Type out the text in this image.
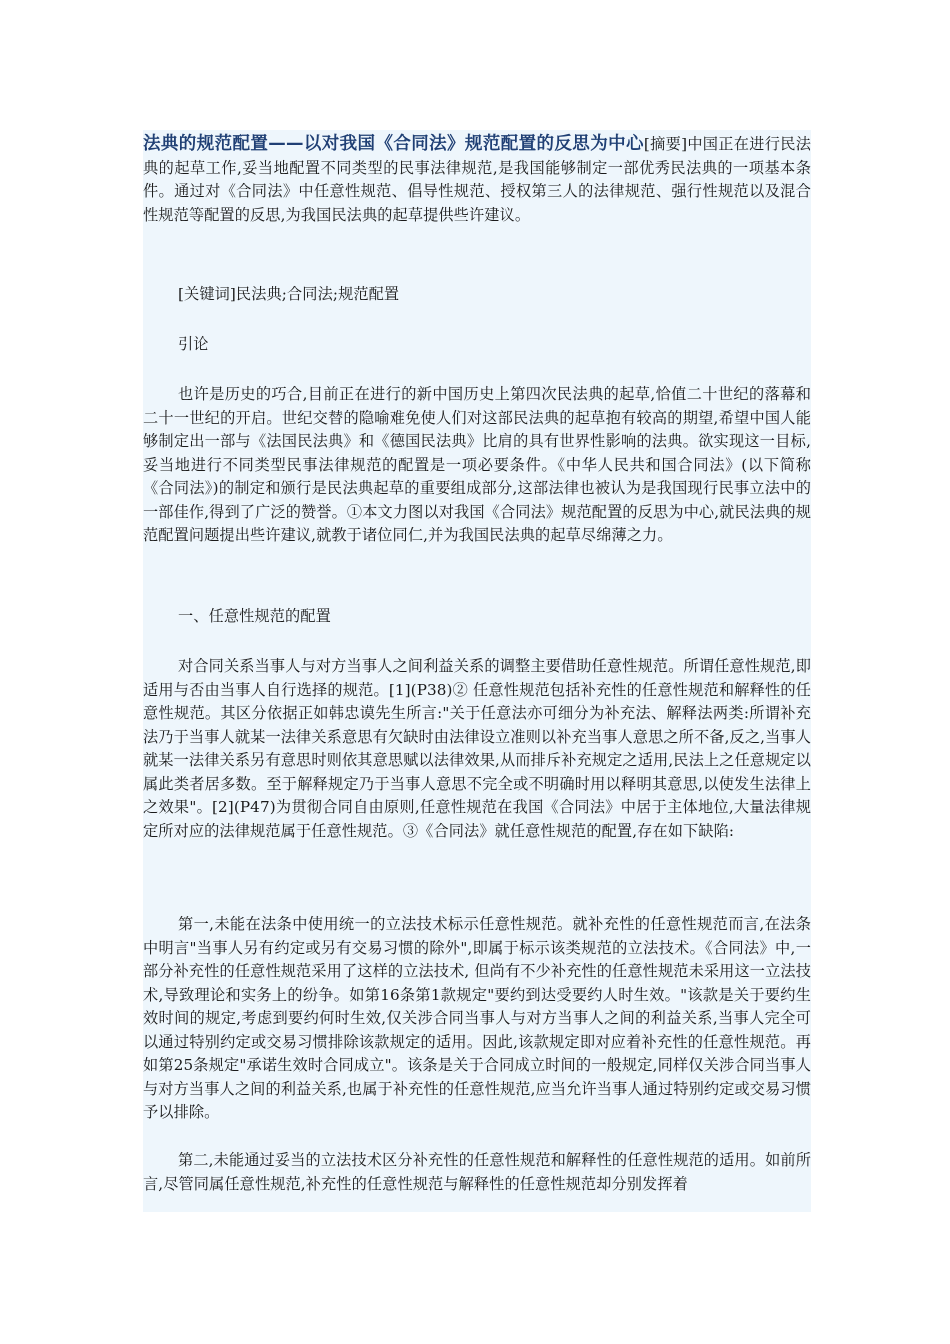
法典的规范配置——以对我国《合同法》规范配置的反思为中心[摘要]中国正在进行民法典的起草工作,妥当地配置不同类型的民事法律规范,是我国能够制定一部优秀民法典的一项基本条件。通过对《合同法》中任意性规范、倡导性规范、授权第三人的法律规范、强行性规范以及混合性规范等配置的反思,为我国民法典的起草提供些许建议。
[关键词]民法典;合同法;规范配置
引论
也许是历史的巧合,目前正在进行的新中国历史上第四次民法典的起草,恰值二十世纪的落幕和二十一世纪的开启。世纪交替的隐喻难免使人们对这部民法典的起草抱有较高的期望,希望中国人能够制定出一部与《法国民法典》和《德国民法典》比肩的具有世界性影响的法典。欲实现这一目标,妥当地进行不同类型民事法律规范的配置是一项必要条件。《中华人民共和国合同法》(以下简称《合同法》)的制定和颁行是民法典起草的重要组成部分,这部法律也被认为是我国现行民事立法中的一部佳作,得到了广泛的赞誉。①本文力图以对我国《合同法》规范配置的反思为中心,就民法典的规范配置问题提出些许建议,就教于诸位同仁,并为我国民法典的起草尽绵薄之力。
一、任意性规范的配置
对合同关系当事人与对方当事人之间利益关系的调整主要借助任意性规范。所谓任意性规范,即适用与否由当事人自行选择的规范。[1](P38)② 任意性规范包括补充性的任意性规范和解释性的任意性规范。其区分依据正如韩忠谟先生所言:"关于任意法亦可细分为补充法、解释法两类:所谓补充法乃于当事人就某一法律关系意思有欠缺时由法律设立准则以补充当事人意思之所不备,反之,当事人就某一法律关系另有意思时则依其意思赋以法律效果,从而排斥补充规定之适用,民法上之任意规定以属此类者居多数。至于解释规定乃于当事人意思不完全或不明确时用以释明其意思,以使发生法律上之效果"。[2](P47)为贯彻合同自由原则,任意性规范在我国《合同法》中居于主体地位,大量法律规定所对应的法律规范属于任意性规范。③《合同法》就任意性规范的配置,存在如下缺陷:
第一,未能在法条中使用统一的立法技术标示任意性规范。就补充性的任意性规范而言,在法条中明言"当事人另有约定或另有交易习惯的除外",即属于标示该类规范的立法技术。《合同法》中,一部分补充性的任意性规范采用了这样的立法技术, 但尚有不少补充性的任意性规范未采用这一立法技术,导致理论和实务上的纷争。如第16条第1款规定"要约到达受要约人时生效。"该款是关于要约生效时间的规定,考虑到要约何时生效,仅关涉合同当事人与对方当事人之间的利益关系,当事人完全可以通过特别约定或交易习惯排除该款规定的适用。因此,该款规定即对应着补充性的任意性规范。再如第25条规定"承诺生效时合同成立"。该条是关于合同成立时间的一般规定,同样仅关涉合同当事人与对方当事人之间的利益关系,也属于补充性的任意性规范,应当允许当事人通过特别约定或交易习惯予以排除。
第二,未能通过妥当的立法技术区分补充性的任意性规范和解释性的任意性规范的适用。如前所言,尽管同属任意性规范,补充性的任意性规范与解释性的任意性规范却分别发挥着
